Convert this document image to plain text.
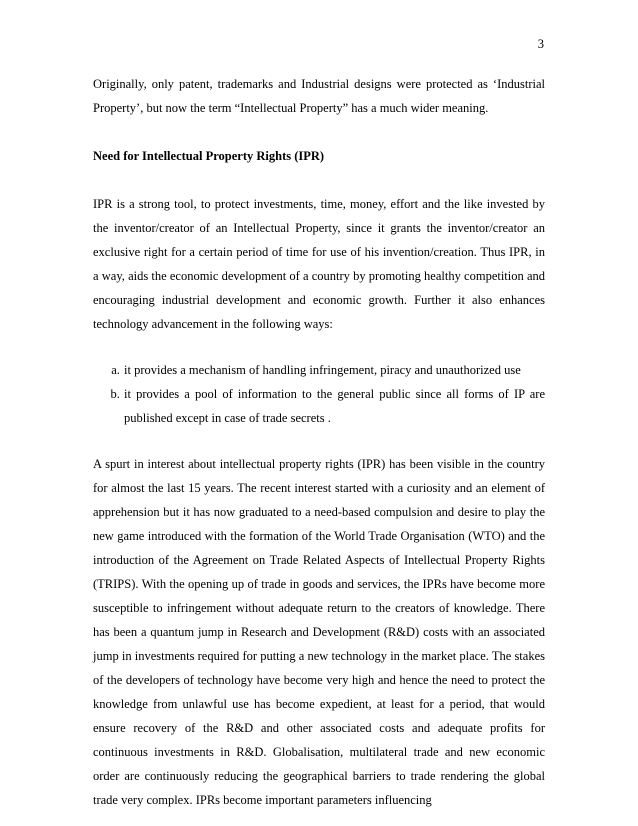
3

Originally, only patent, trademarks and Industrial designs were protected as ‘Industrial Property’, but now the term “Intellectual Property” has a much wider meaning.

Need for Intellectual Property Rights (IPR)

IPR is a strong tool, to protect investments, time, money, effort and the like invested by the inventor/creator of an Intellectual Property, since it grants the inventor/creator an exclusive right for a certain period of time for use of his invention/creation. Thus IPR, in a way, aids the economic development of a country by promoting healthy competition and encouraging industrial development and economic growth. Further it also enhances technology advancement in the following ways:

a. it provides a mechanism of handling infringement, piracy and unauthorized use
b. it provides a pool of information to the general public since all forms of IP are published except in case of trade secrets .

A spurt in interest about intellectual property rights (IPR) has been visible in the country for almost the last 15 years. The recent interest started with a curiosity and an element of apprehension but it has now graduated to a need-based compulsion and desire to play the new game introduced with the formation of the World Trade Organisation (WTO) and the introduction of the Agreement on Trade Related Aspects of Intellectual Property Rights (TRIPS). With the opening up of trade in goods and services, the IPRs have become more susceptible to infringement without adequate return to the creators of knowledge. There has been a quantum jump in Research and Development (R&D) costs with an associated jump in investments required for putting a new technology in the market place. The stakes of the developers of technology have become very high and hence the need to protect the knowledge from unlawful use has become expedient, at least for a period, that would ensure recovery of the R&D and other associated costs and adequate profits for continuous investments in R&D. Globalisation, multilateral trade and new economic order are continuously reducing the geographical barriers to trade rendering the global trade very complex. IPRs become important parameters influencing
